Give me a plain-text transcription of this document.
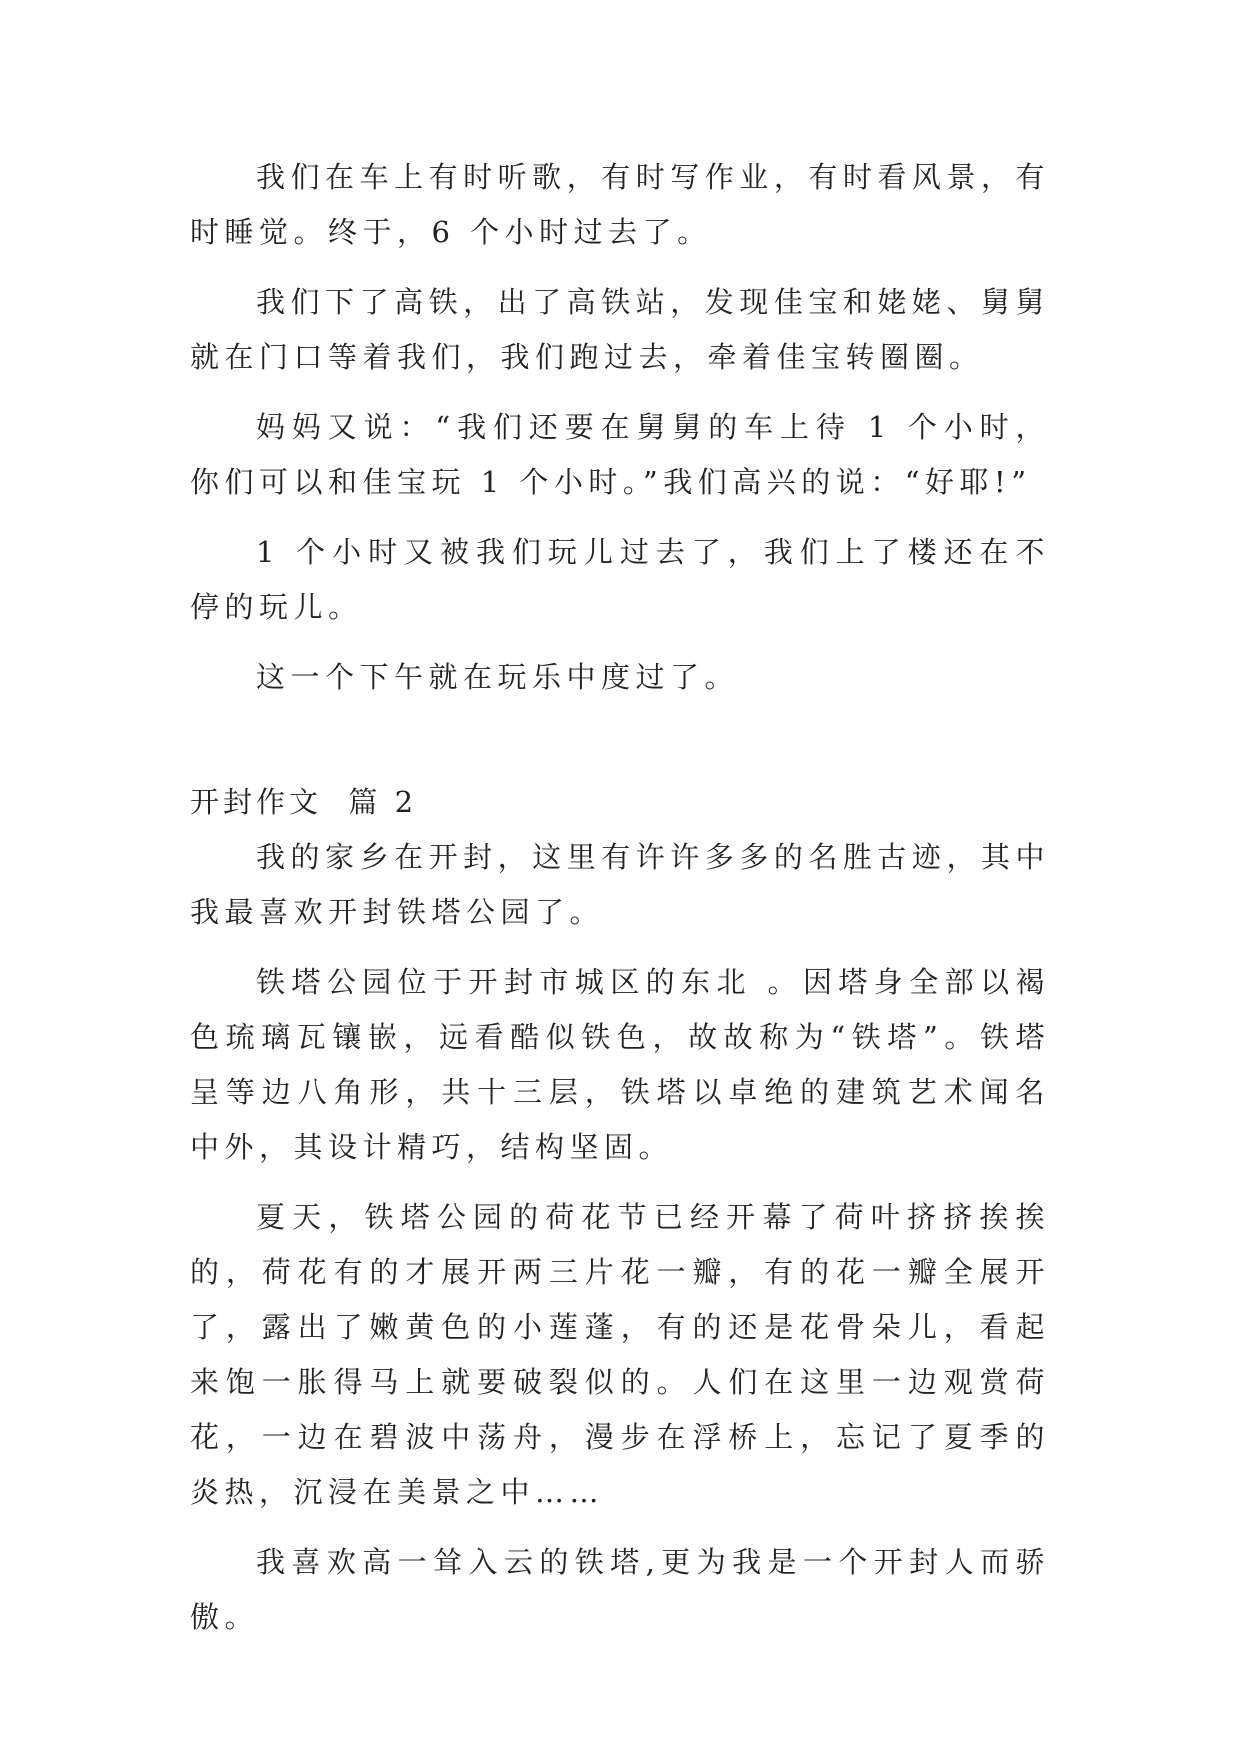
我们在车上有时听歌，有时写作业，有时看风景，有时睡觉。终于，6 个小时过去了。

我们下了高铁，出了高铁站，发现佳宝和姥姥、舅舅就在门口等着我们，我们跑过去，牵着佳宝转圈圈。

妈妈又说：“我们还要在舅舅的车上待 1 个小时，你们可以和佳宝玩 1 个小时。”我们高兴的说：“好耶!”

1 个小时又被我们玩儿过去了，我们上了楼还在不停的玩儿。

这一个下午就在玩乐中度过了。

开封作文  篇 2

我的家乡在开封，这里有许许多多的名胜古迹，其中我最喜欢开封铁塔公园了。

铁塔公园位于开封市城区的东北 。因塔身全部以褐色琉璃瓦镶嵌，远看酷似铁色，故故称为“铁塔”。铁塔呈等边八角形，共十三层，铁塔以卓绝的建筑艺术闻名中外，其设计精巧，结构坚固。

夏天，铁塔公园的荷花节已经开幕了荷叶挤挤挨挨的，荷花有的才展开两三片花一瓣，有的花一瓣全展开了，露出了嫩黄色的小莲蓬，有的还是花骨朵儿，看起来饱一胀得马上就要破裂似的。人们在这里一边观赏荷花，一边在碧波中荡舟，漫步在浮桥上，忘记了夏季的炎热，沉浸在美景之中……

我喜欢高一耸入云的铁塔,更为我是一个开封人而骄傲。
